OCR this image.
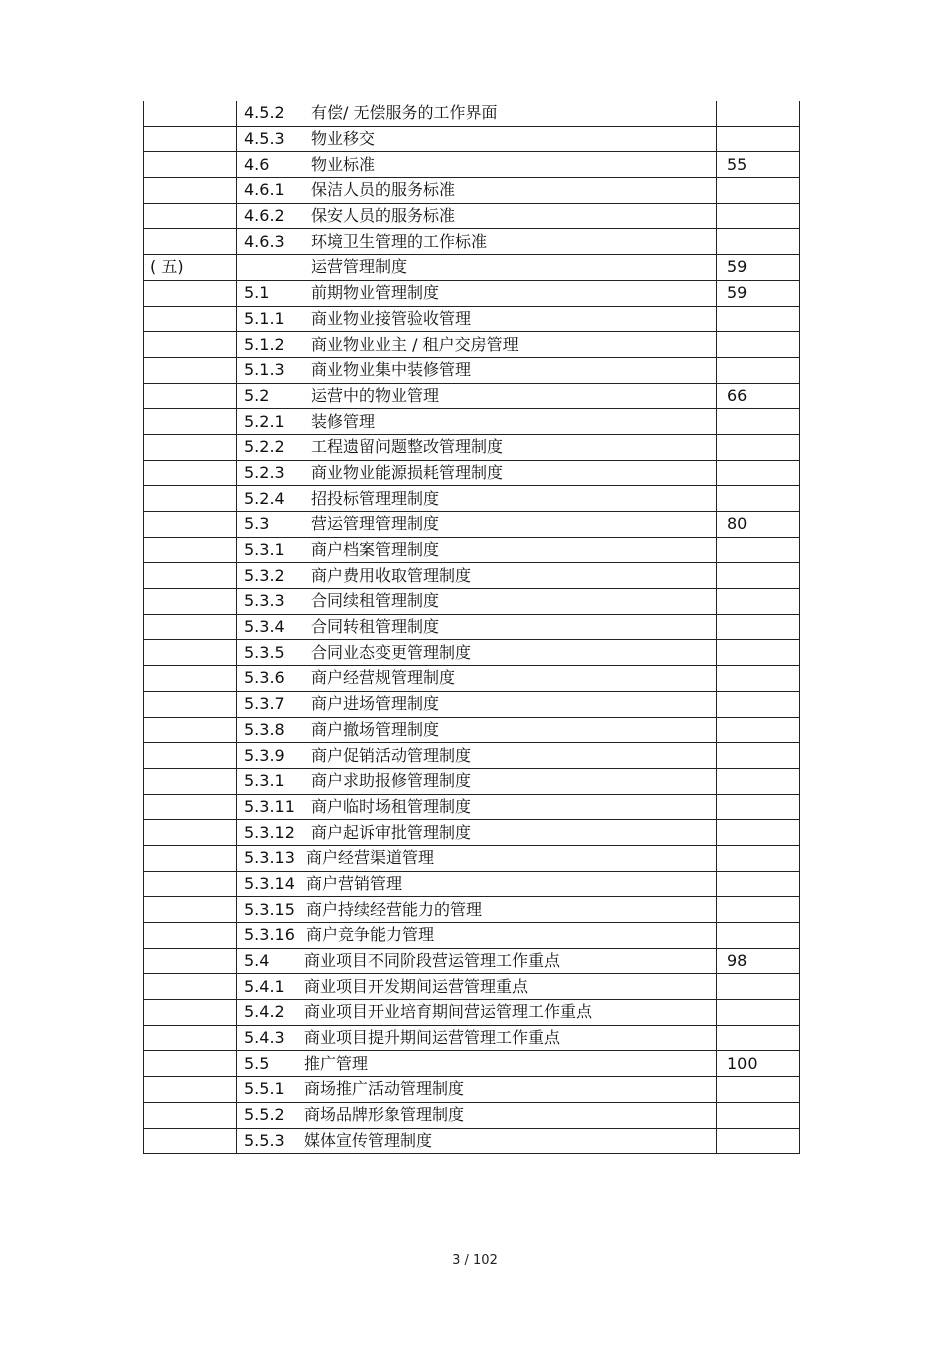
	4.5.2 有偿/ 无偿服务的工作界面	
	4.5.3 物业移交	
	4.6 物业标准	55
	4.6.1 保洁人员的服务标准	
	4.6.2 保安人员的服务标准	
	4.6.3 环境卫生管理的工作标准	
( 五)	运营管理制度	59
	5.1 前期物业管理制度	59
	5.1.1 商业物业接管验收管理	
	5.1.2 商业物业业主 / 租户交房管理	
	5.1.3 商业物业集中装修管理	
	5.2 运营中的物业管理	66
	5.2.1 装修管理	
	5.2.2 工程遗留问题整改管理制度	
	5.2.3 商业物业能源损耗管理制度	
	5.2.4 招投标管理理制度	
	5.3 营运管理管理制度	80
	5.3.1 商户档案管理制度	
	5.3.2 商户费用收取管理制度	
	5.3.3 合同续租管理制度	
	5.3.4 合同转租管理制度	
	5.3.5 合同业态变更管理制度	
	5.3.6 商户经营规管理制度	
	5.3.7 商户进场管理制度	
	5.3.8 商户撤场管理制度	
	5.3.9 商户促销活动管理制度	
	5.3.1 商户求助报修管理制度	
	5.3.11 商户临时场租管理制度	
	5.3.12 商户起诉审批管理制度	
	5.3.13 商户经营渠道管理	
	5.3.14 商户营销管理	
	5.3.15 商户持续经营能力的管理	
	5.3.16 商户竞争能力管理	
	5.4 商业项目不同阶段营运管理工作重点	98
	5.4.1 商业项目开发期间运营管理重点	
	5.4.2 商业项目开业培育期间营运管理工作重点	
	5.4.3 商业项目提升期间运营管理工作重点	
	5.5 推广管理	100
	5.5.1 商场推广活动管理制度	
	5.5.2 商场品牌形象管理制度	
	5.5.3 媒体宣传管理制度	
3 / 102
